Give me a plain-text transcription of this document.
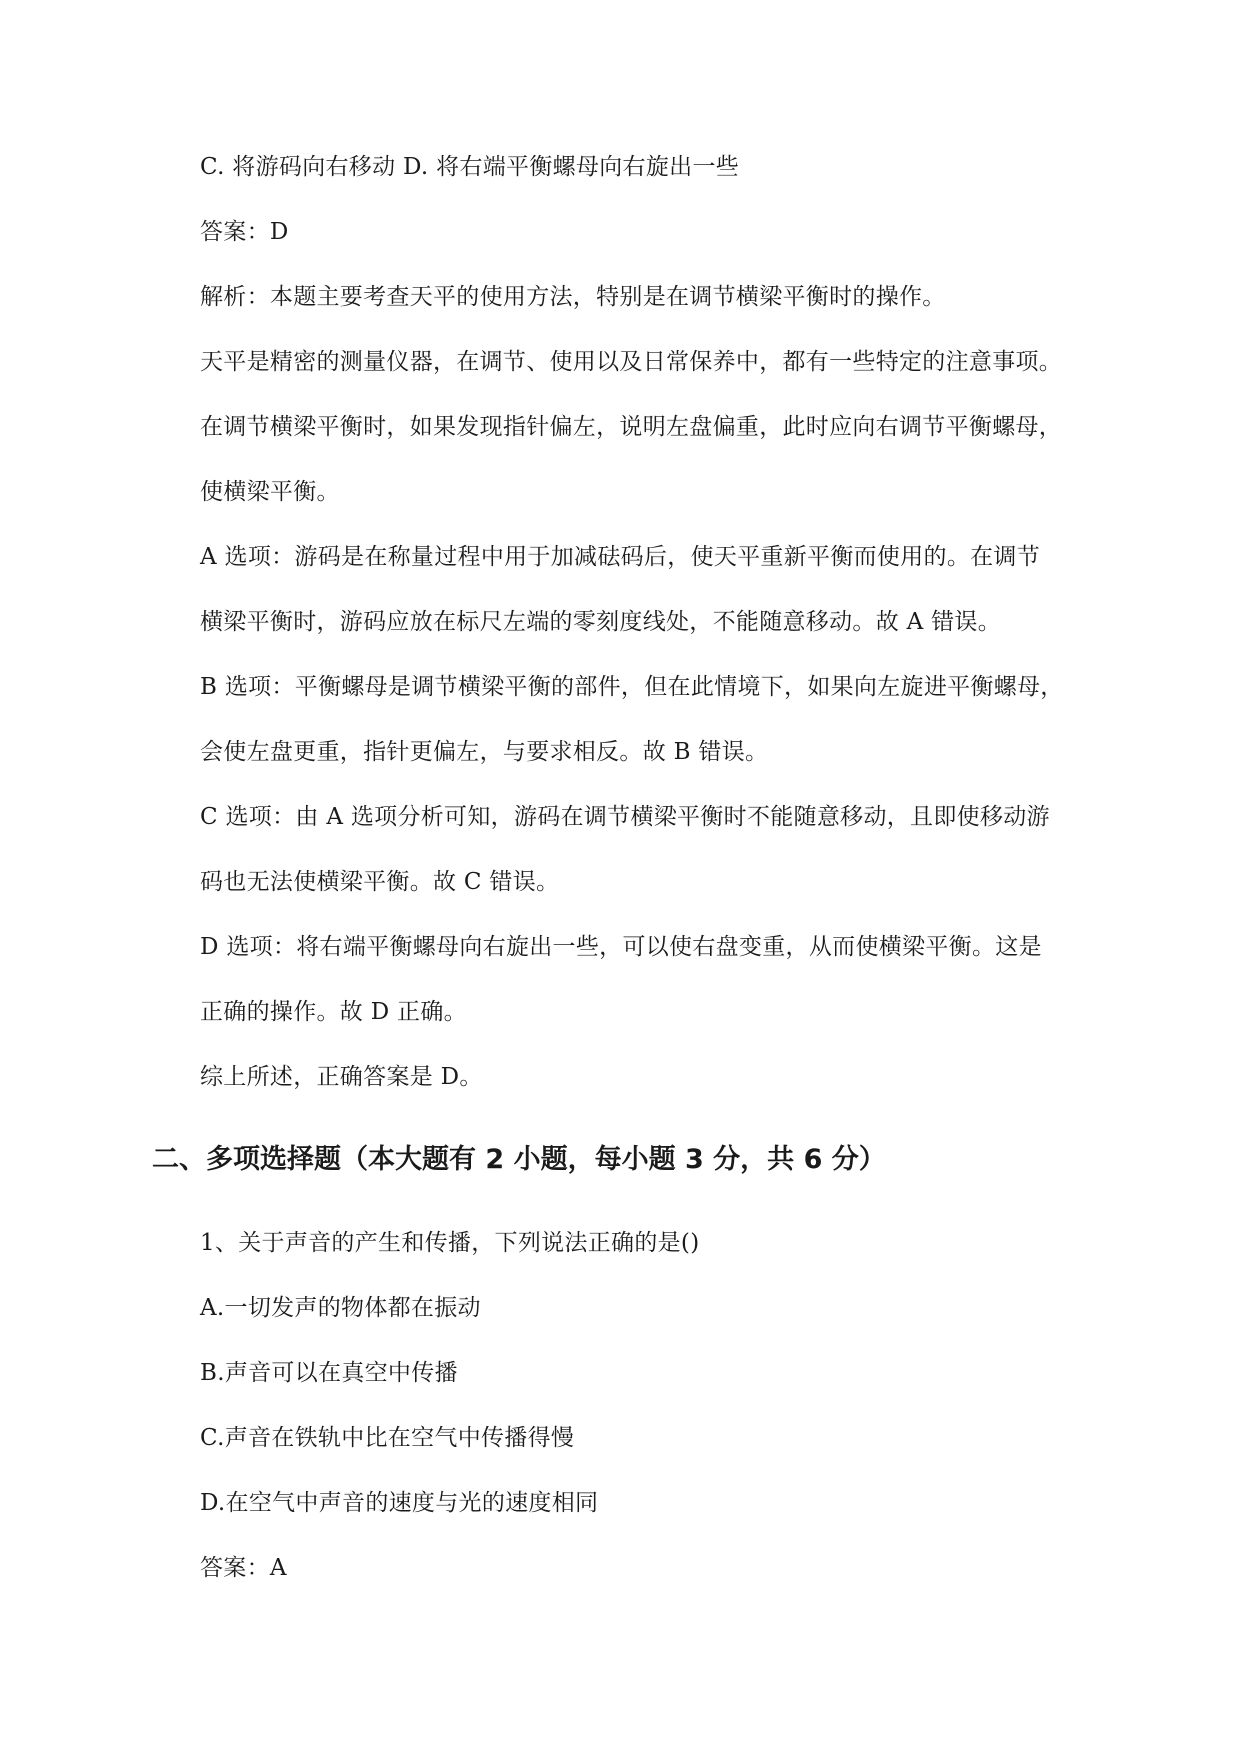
C. 将游码向右移动 D. 将右端平衡螺母向右旋出一些
答案：D
解析：本题主要考查天平的使用方法，特别是在调节横梁平衡时的操作。
天平是精密的测量仪器，在调节、使用以及日常保养中，都有一些特定的注意事项。
在调节横梁平衡时，如果发现指针偏左，说明左盘偏重，此时应向右调节平衡螺母，
使横梁平衡。
A 选项：游码是在称量过程中用于加减砝码后，使天平重新平衡而使用的。在调节
横梁平衡时，游码应放在标尺左端的零刻度线处，不能随意移动。故 A 错误。
B 选项：平衡螺母是调节横梁平衡的部件，但在此情境下，如果向左旋进平衡螺母，
会使左盘更重，指针更偏左，与要求相反。故 B 错误。
C 选项：由 A 选项分析可知，游码在调节横梁平衡时不能随意移动，且即使移动游
码也无法使横梁平衡。故 C 错误。
D 选项：将右端平衡螺母向右旋出一些，可以使右盘变重，从而使横梁平衡。这是
正确的操作。故 D 正确。
综上所述，正确答案是 D。
二、多项选择题（本大题有 2 小题，每小题 3 分，共 6 分）
1、关于声音的产生和传播，下列说法正确的是()
A.一切发声的物体都在振动
B.声音可以在真空中传播
C.声音在铁轨中比在空气中传播得慢
D.在空气中声音的速度与光的速度相同
答案：A
